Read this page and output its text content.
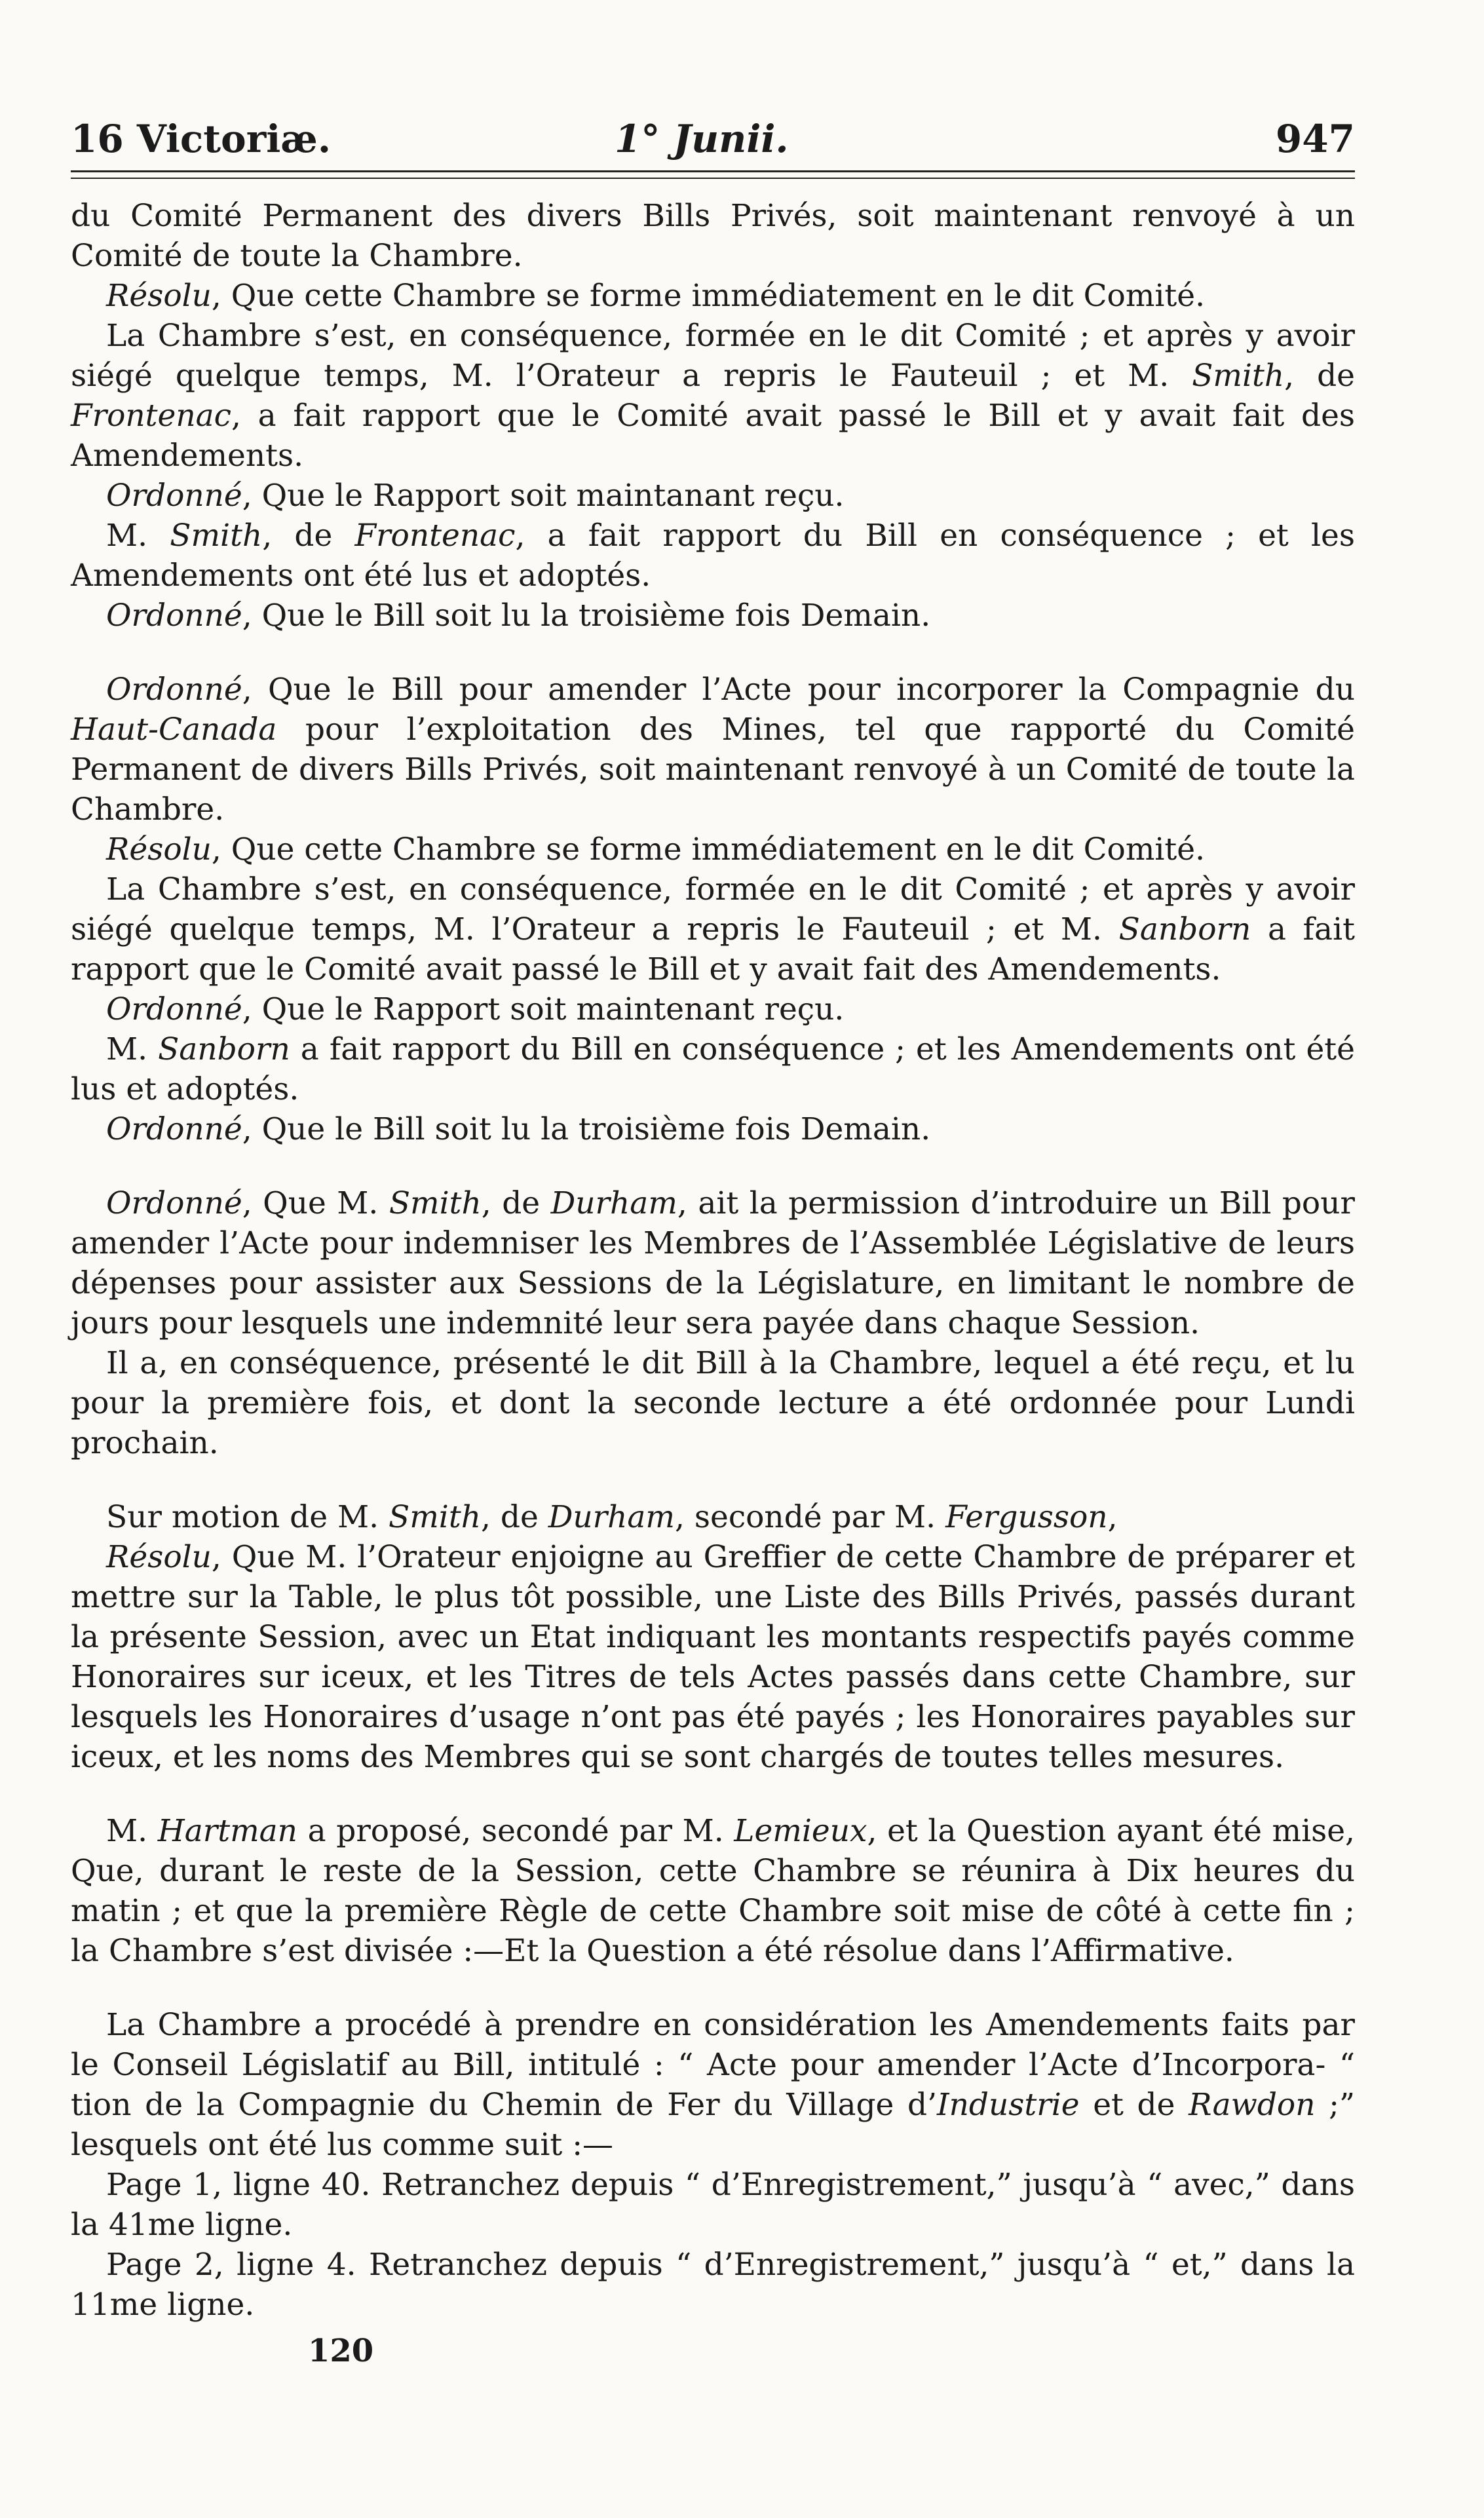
16 Victoriæ.	1° Junii.	947

du Comité Permanent des divers Bills Privés, soit maintenant renvoyé à un Comité de toute la Chambre.

Résolu, Que cette Chambre se forme immédiatement en le dit Comité.

La Chambre s’est, en conséquence, formée en le dit Comité ; et après y avoir siégé quelque temps, M. l’Orateur a repris le Fauteuil ; et M. Smith, de Frontenac, a fait rapport que le Comité avait passé le Bill et y avait fait des Amendements.

Ordonné, Que le Rapport soit maintanant reçu.

M. Smith, de Frontenac, a fait rapport du Bill en conséquence ; et les Amendements ont été lus et adoptés.

Ordonné, Que le Bill soit lu la troisième fois Demain.

Ordonné, Que le Bill pour amender l’Acte pour incorporer la Compagnie du Haut-Canada pour l’exploitation des Mines, tel que rapporté du Comité Permanent de divers Bills Privés, soit maintenant renvoyé à un Comité de toute la Chambre.

Résolu, Que cette Chambre se forme immédiatement en le dit Comité.

La Chambre s’est, en conséquence, formée en le dit Comité ; et après y avoir siégé quelque temps, M. l’Orateur a repris le Fauteuil ; et M. Sanborn a fait rapport que le Comité avait passé le Bill et y avait fait des Amendements.

Ordonné, Que le Rapport soit maintenant reçu.

M. Sanborn a fait rapport du Bill en conséquence ; et les Amendements ont été lus et adoptés.

Ordonné, Que le Bill soit lu la troisième fois Demain.

Ordonné, Que M. Smith, de Durham, ait la permission d’introduire un Bill pour amender l’Acte pour indemniser les Membres de l’Assemblée Législative de leurs dépenses pour assister aux Sessions de la Législature, en limitant le nombre de jours pour lesquels une indemnité leur sera payée dans chaque Session.

Il a, en conséquence, présenté le dit Bill à la Chambre, lequel a été reçu, et lu pour la première fois, et dont la seconde lecture a été ordonnée pour Lundi prochain.

Sur motion de M. Smith, de Durham, secondé par M. Fergusson,

Résolu, Que M. l’Orateur enjoigne au Greffier de cette Chambre de préparer et mettre sur la Table, le plus tôt possible, une Liste des Bills Privés, passés durant la présente Session, avec un Etat indiquant les montants respectifs payés comme Honoraires sur iceux, et les Titres de tels Actes passés dans cette Chambre, sur lesquels les Honoraires d’usage n’ont pas été payés ; les Honoraires payables sur iceux, et les noms des Membres qui se sont chargés de toutes telles mesures.

M. Hartman a proposé, secondé par M. Lemieux, et la Question ayant été mise, Que, durant le reste de la Session, cette Chambre se réunira à Dix heures du matin ; et que la première Règle de cette Chambre soit mise de côté à cette fin ; la Chambre s’est divisée :—Et la Question a été résolue dans l’Affirmative.

La Chambre a procédé à prendre en considération les Amendements faits par le Conseil Législatif au Bill, intitulé : “ Acte pour amender l’Acte d’Incorpora- “ tion de la Compagnie du Chemin de Fer du Village d’Industrie et de Rawdon ;” lesquels ont été lus comme suit :—

Page 1, ligne 40. Retranchez depuis “ d’Enregistrement,” jusqu’à “ avec,” dans la 41me ligne.

Page 2, ligne 4. Retranchez depuis “ d’Enregistrement,” jusqu’à “ et,” dans la 11me ligne.

120
